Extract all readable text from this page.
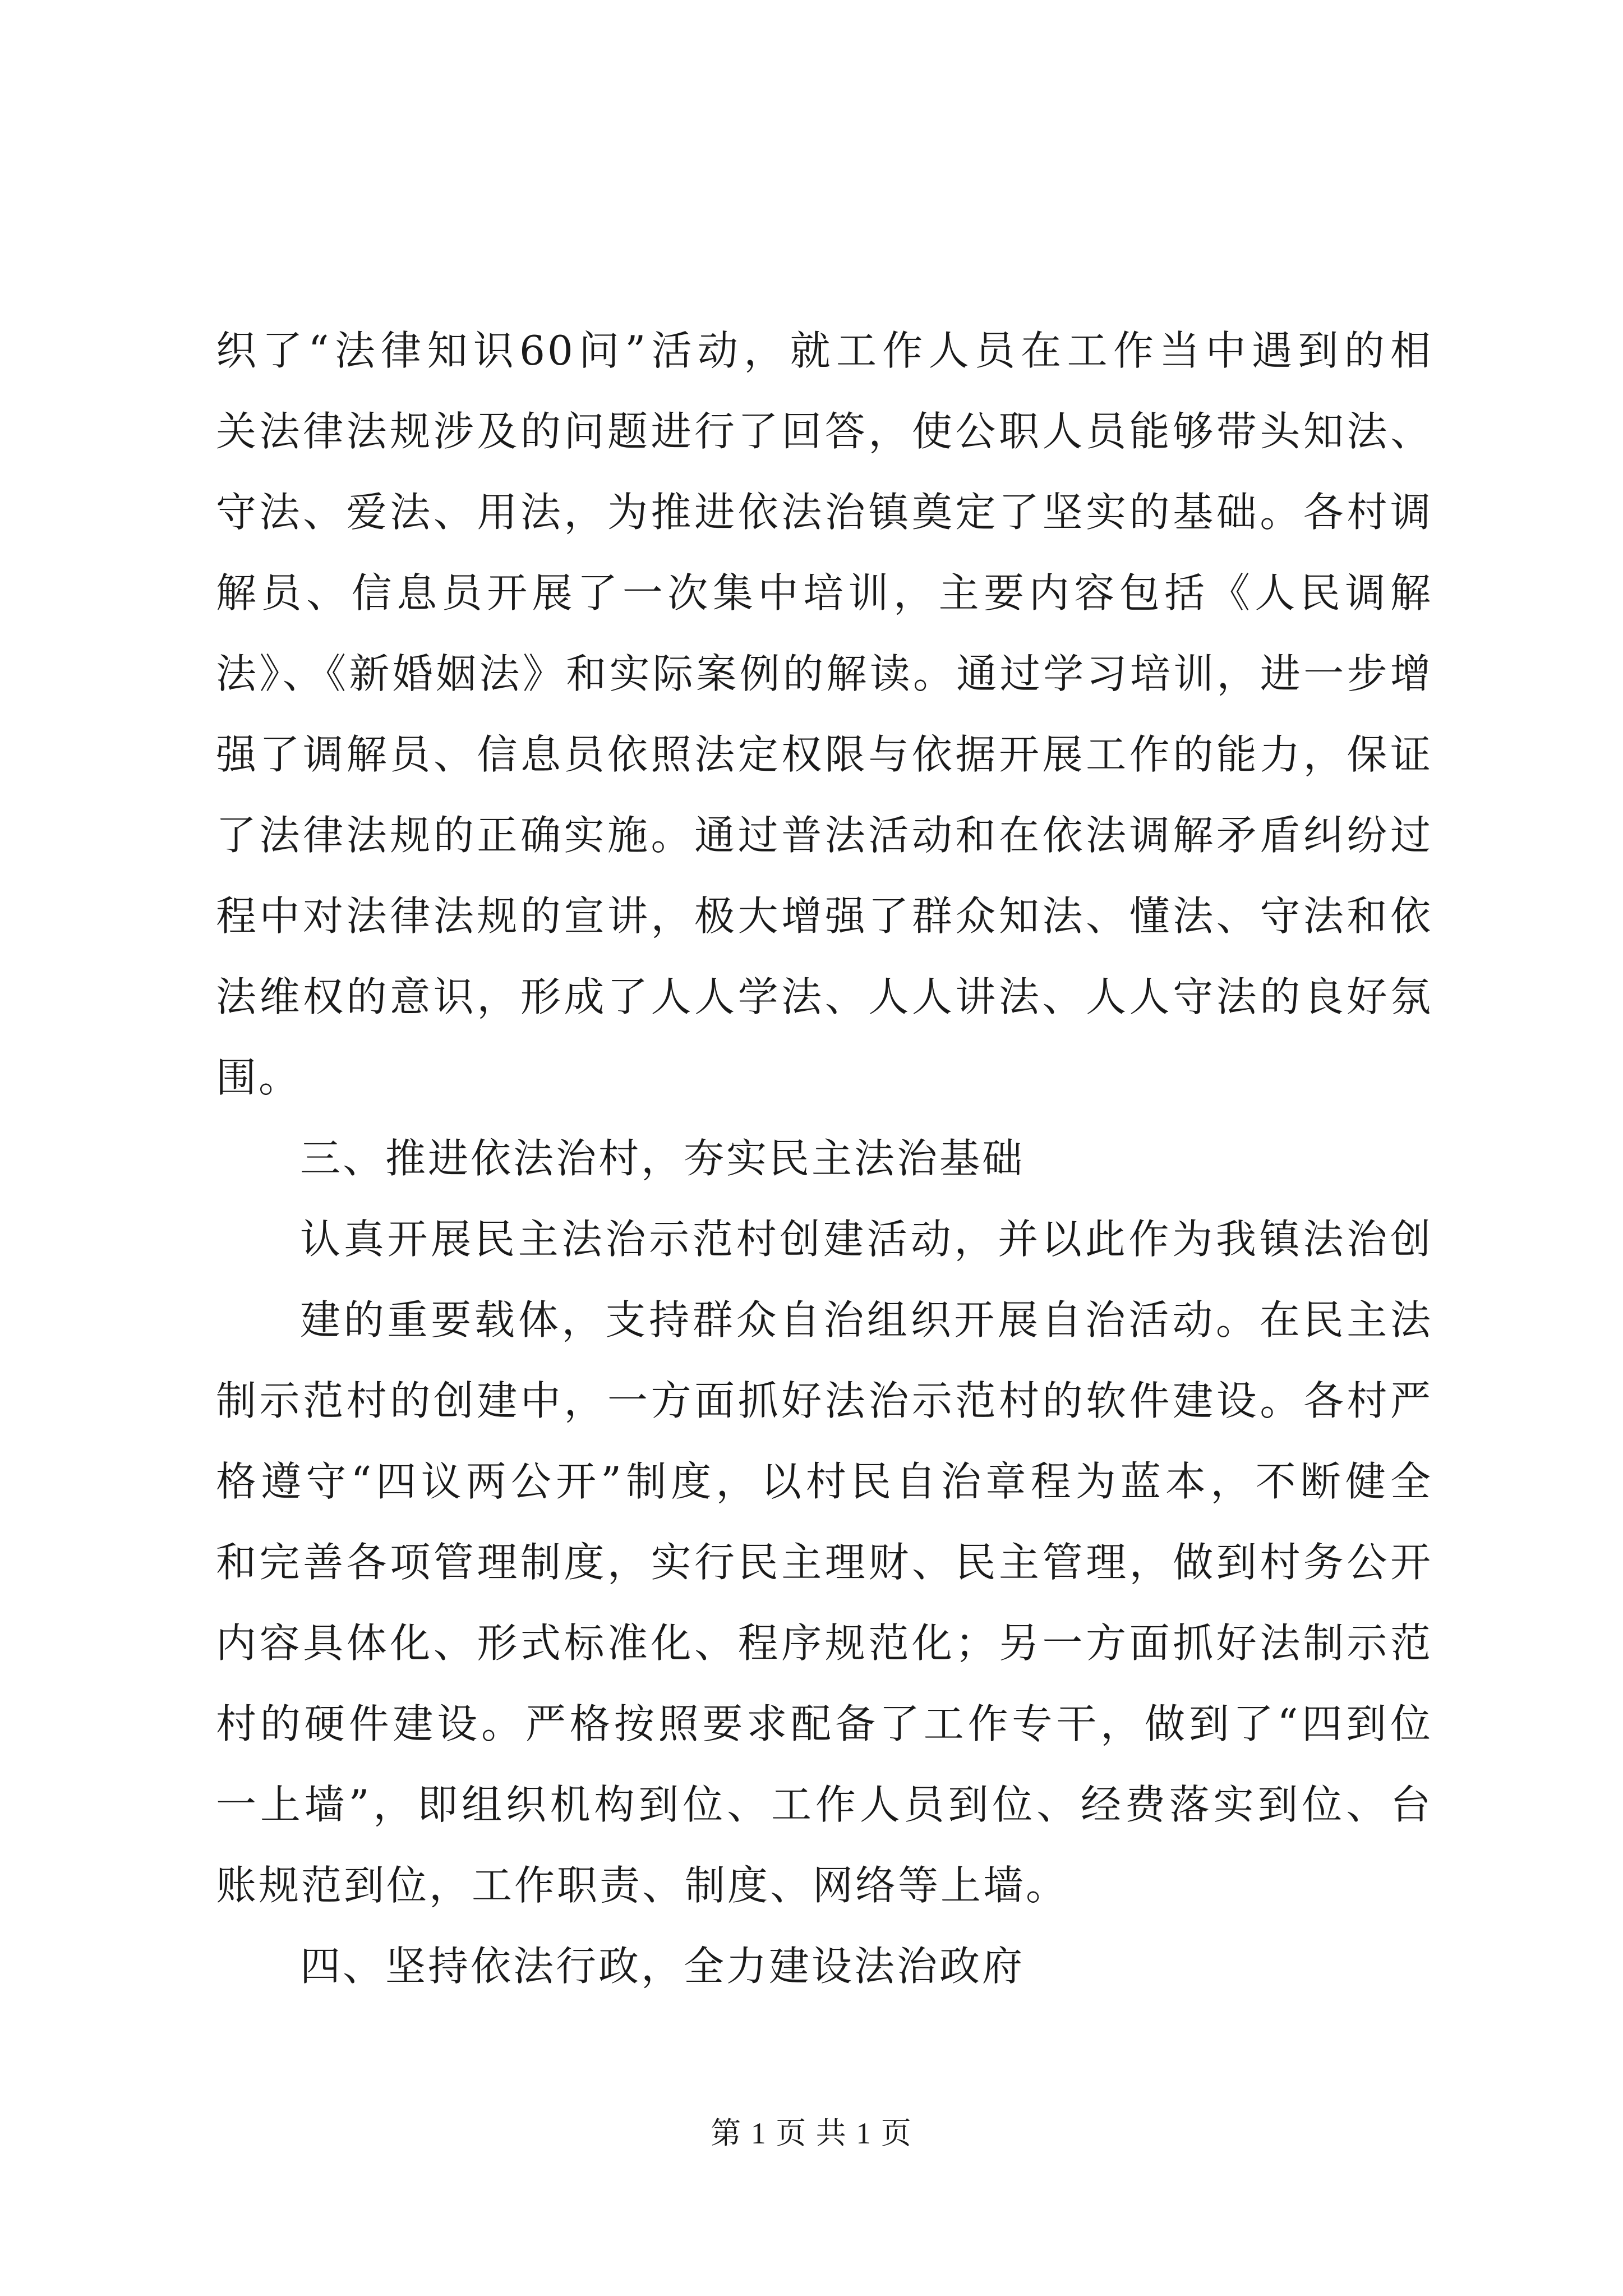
织了“法律知识60问”活动，就工作人员在工作当中遇到的相
关法律法规涉及的问题进行了回答，使公职人员能够带头知法、
守法、爱法、用法，为推进依法治镇奠定了坚实的基础。各村调
解员、信息员开展了一次集中培训，主要内容包括《人民调解
法》、《新婚姻法》和实际案例的解读。通过学习培训，进一步增
强了调解员、信息员依照法定权限与依据开展工作的能力，保证
了法律法规的正确实施。通过普法活动和在依法调解矛盾纠纷过
程中对法律法规的宣讲，极大增强了群众知法、懂法、守法和依
法维权的意识，形成了人人学法、人人讲法、人人守法的良好氛
围。
三、推进依法治村，夯实民主法治基础
认真开展民主法治示范村创建活动，并以此作为我镇法治创
建的重要载体，支持群众自治组织开展自治活动。在民主法
制示范村的创建中，一方面抓好法治示范村的软件建设。各村严
格遵守“四议两公开”制度，以村民自治章程为蓝本，不断健全
和完善各项管理制度，实行民主理财、民主管理，做到村务公开
内容具体化、形式标准化、程序规范化；另一方面抓好法制示范
村的硬件建设。严格按照要求配备了工作专干，做到了“四到位
一上墙”，即组织机构到位、工作人员到位、经费落实到位、台
账规范到位，工作职责、制度、网络等上墙。
四、坚持依法行政，全力建设法治政府
第 1 页 共 1 页
